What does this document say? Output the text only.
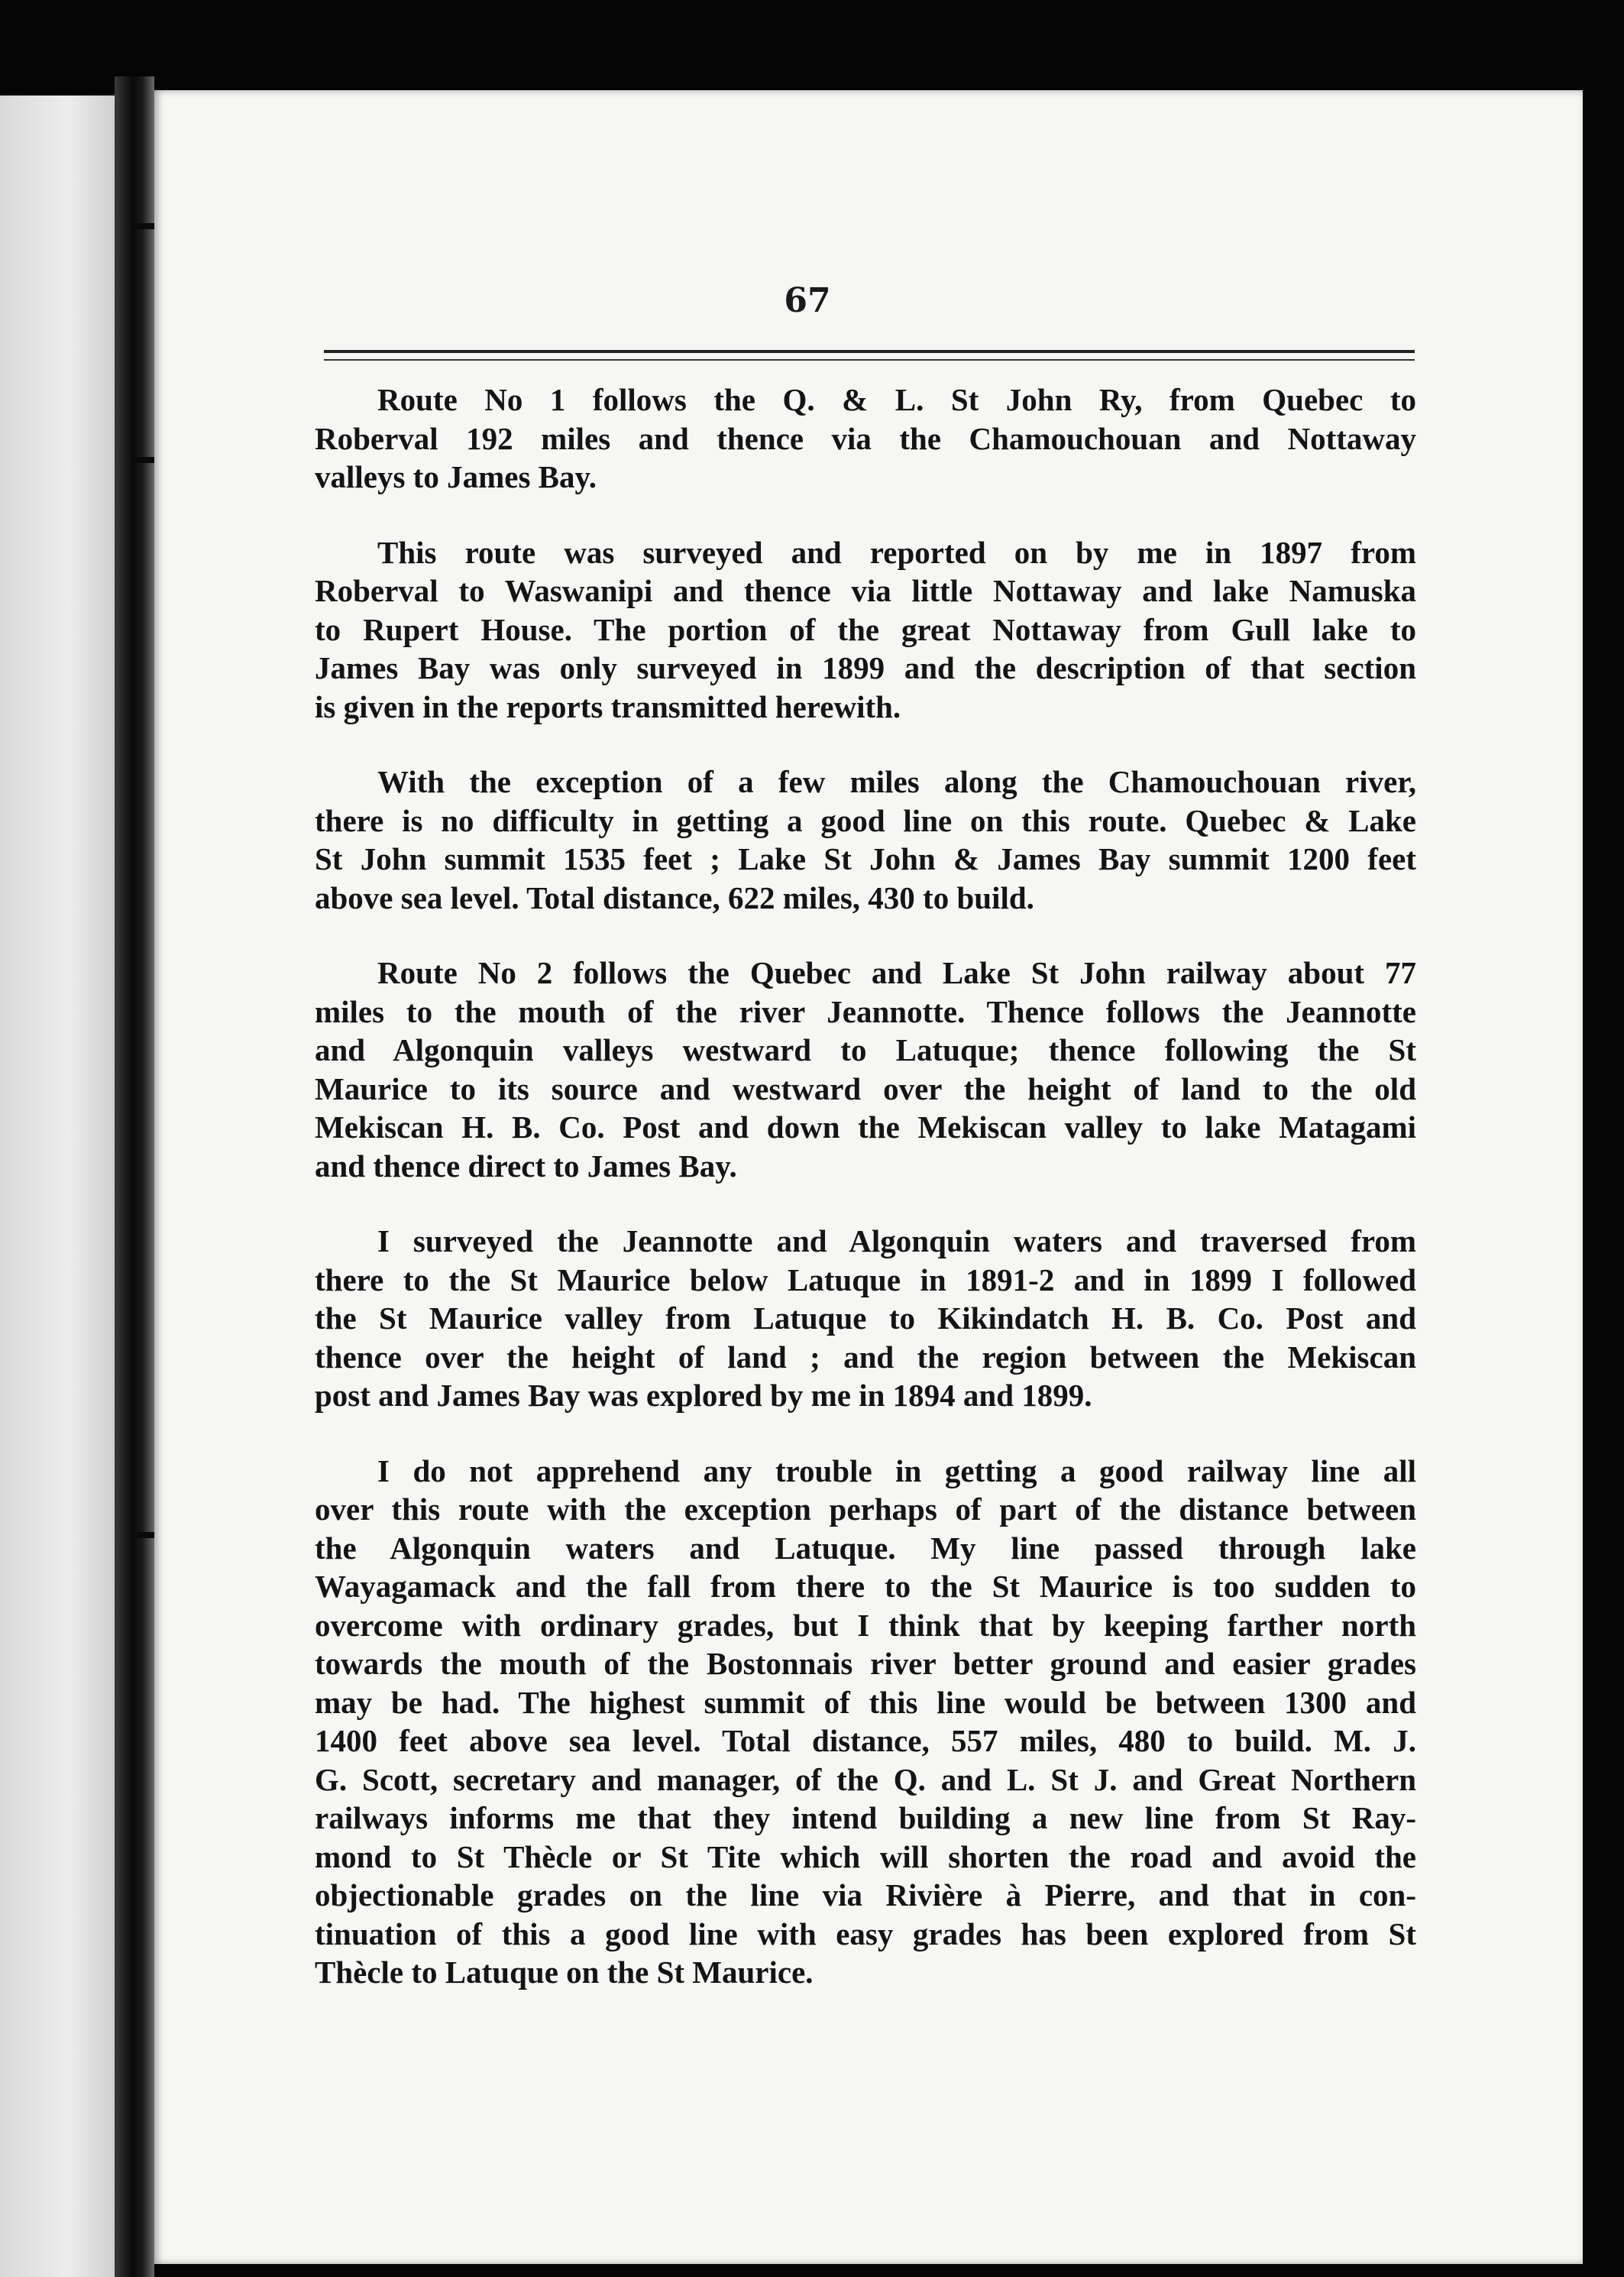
67
Route No 1 follows the Q. & L. St John Ry, from Quebec to
Roberval 192 miles and thence via the Chamouchouan and Nottaway
valleys to James Bay.
This route was surveyed and reported on by me in 1897 from
Roberval to Waswanipi and thence via little Nottaway and lake Namuska
to Rupert House. The portion of the great Nottaway from Gull lake to
James Bay was only surveyed in 1899 and the description of that section
is given in the reports transmitted herewith.
With the exception of a few miles along the Chamouchouan river,
there is no difficulty in getting a good line on this route. Quebec & Lake
St John summit 1535 feet ; Lake St John & James Bay summit 1200 feet
above sea level. Total distance, 622 miles, 430 to build.
Route No 2 follows the Quebec and Lake St John railway about 77
miles to the mouth of the river Jeannotte. Thence follows the Jeannotte
and Algonquin valleys westward to Latuque; thence following the St
Maurice to its source and westward over the height of land to the old
Mekiscan H. B. Co. Post and down the Mekiscan valley to lake Matagami
and thence direct to James Bay.
I surveyed the Jeannotte and Algonquin waters and traversed from
there to the St Maurice below Latuque in 1891-2 and in 1899 I followed
the St Maurice valley from Latuque to Kikindatch H. B. Co. Post and
thence over the height of land ; and the region between the Mekiscan
post and James Bay was explored by me in 1894 and 1899.
I do not apprehend any trouble in getting a good railway line all
over this route with the exception perhaps of part of the distance between
the Algonquin waters and Latuque. My line passed through lake
Wayagamack and the fall from there to the St Maurice is too sudden to
overcome with ordinary grades, but I think that by keeping farther north
towards the mouth of the Bostonnais river better ground and easier grades
may be had. The highest summit of this line would be between 1300 and
1400 feet above sea level. Total distance, 557 miles, 480 to build. M. J.
G. Scott, secretary and manager, of the Q. and L. St J. and Great Northern
railways informs me that they intend building a new line from St Ray-
mond to St Thècle or St Tite which will shorten the road and avoid the
objectionable grades on the line via Rivière à Pierre, and that in con-
tinuation of this a good line with easy grades has been explored from St
Thècle to Latuque on the St Maurice.
